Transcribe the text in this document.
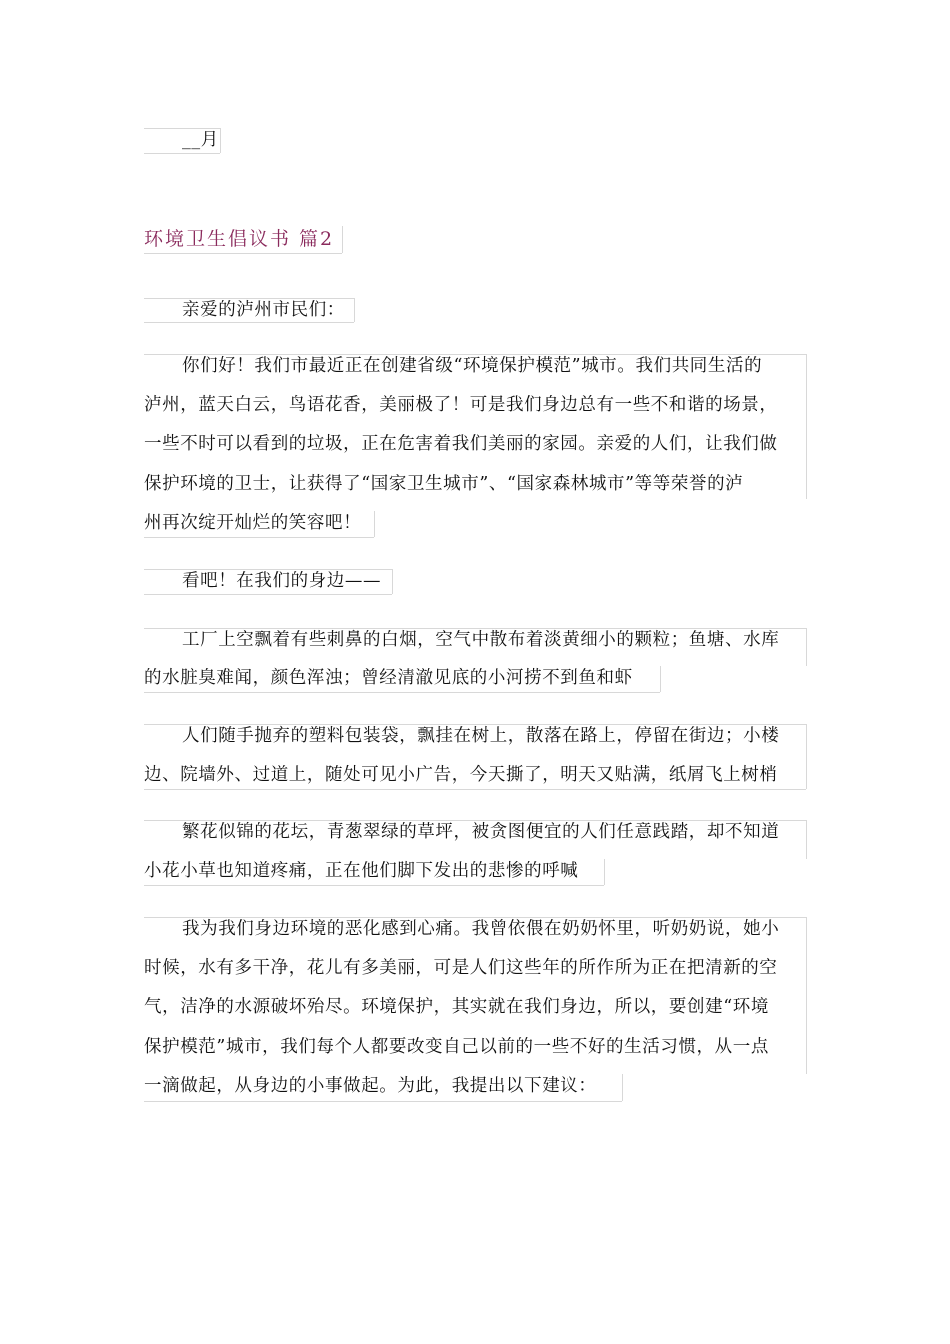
__月
环境卫生倡议书 篇2
亲爱的泸州市民们：
你们好！我们市最近正在创建省级“环境保护模范”城市。我们共同生活的
泸州，蓝天白云，鸟语花香，美丽极了！可是我们身边总有一些不和谐的场景，
一些不时可以看到的垃圾，正在危害着我们美丽的家园。亲爱的人们，让我们做
保护环境的卫士，让获得了“国家卫生城市”、“国家森林城市”等等荣誉的泸
州再次绽开灿烂的笑容吧！
看吧！在我们的身边——
工厂上空飘着有些刺鼻的白烟，空气中散布着淡黄细小的颗粒；鱼塘、水库
的水脏臭难闻，颜色浑浊；曾经清澈见底的小河捞不到鱼和虾
人们随手抛弃的塑料包装袋，飘挂在树上，散落在路上，停留在街边；小楼
边、院墙外、过道上，随处可见小广告，今天撕了，明天又贴满，纸屑飞上树梢
繁花似锦的花坛，青葱翠绿的草坪，被贪图便宜的人们任意践踏，却不知道
小花小草也知道疼痛，正在他们脚下发出的悲惨的呼喊
我为我们身边环境的恶化感到心痛。我曾依偎在奶奶怀里，听奶奶说，她小
时候，水有多干净，花儿有多美丽，可是人们这些年的所作所为正在把清新的空
气，洁净的水源破坏殆尽。环境保护，其实就在我们身边，所以，要创建“环境
保护模范”城市，我们每个人都要改变自己以前的一些不好的生活习惯，从一点
一滴做起，从身边的小事做起。为此，我提出以下建议：
